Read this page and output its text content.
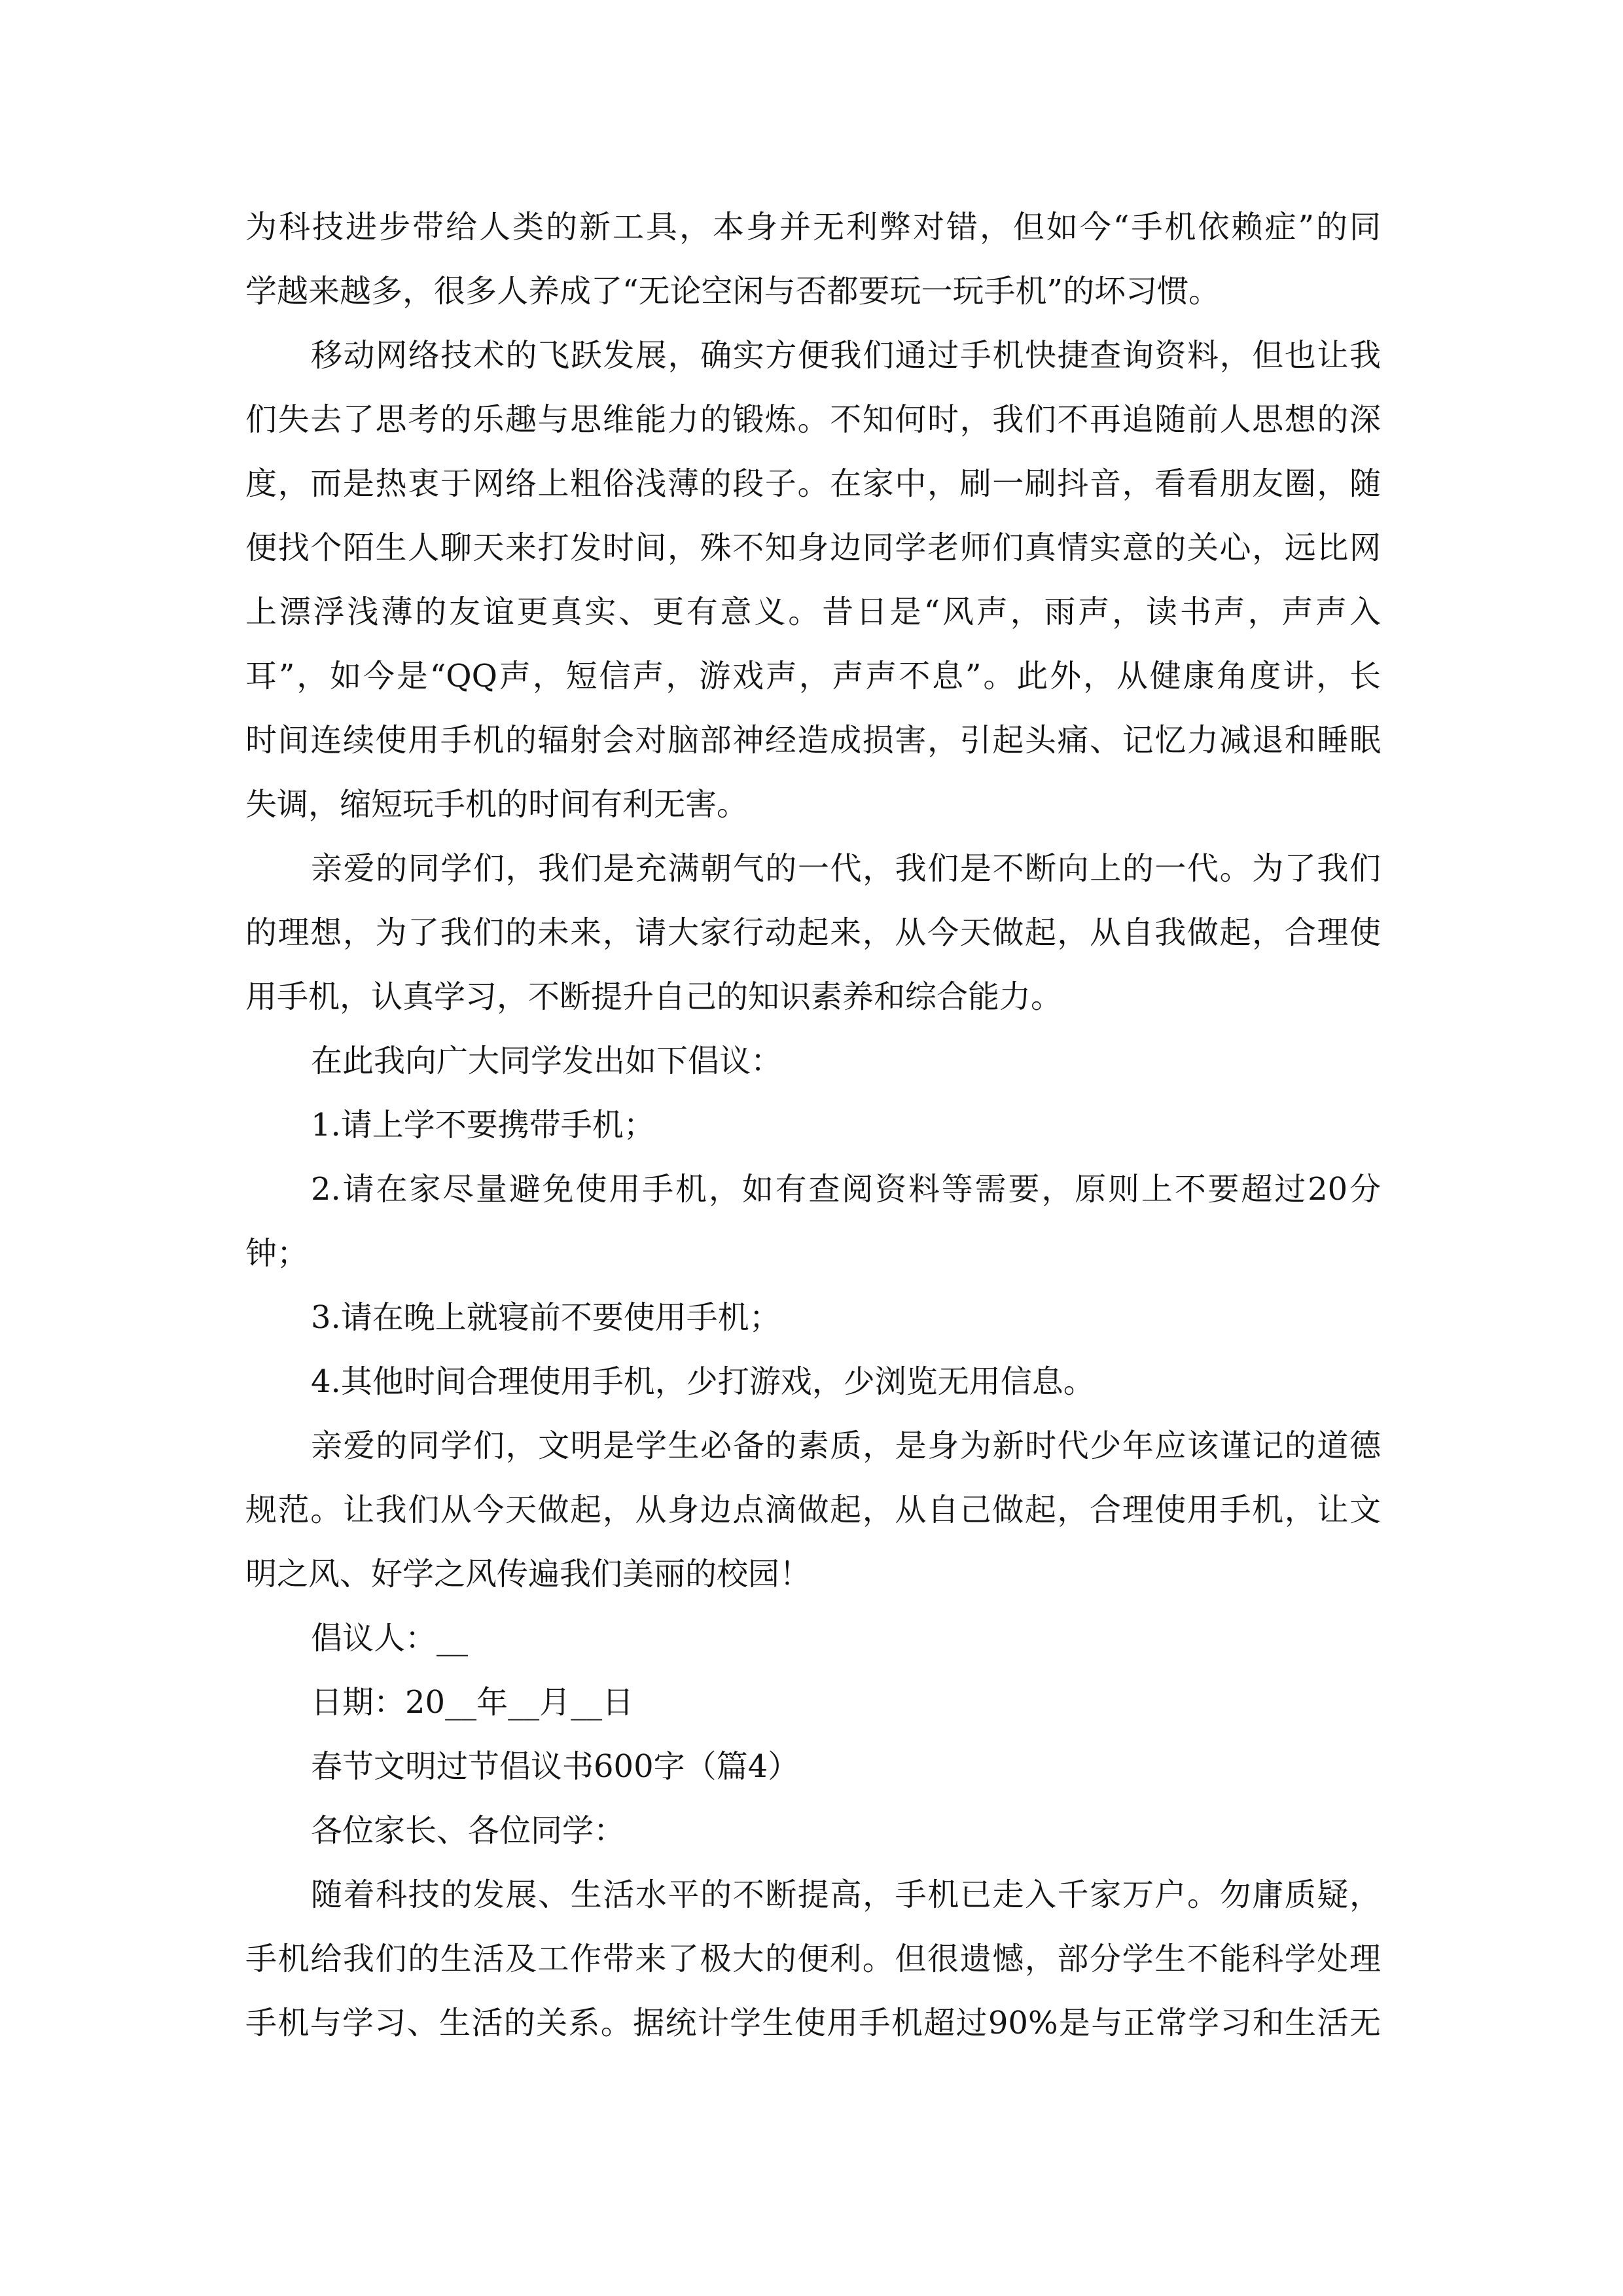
为科技进步带给人类的新工具，本身并无利弊对错，但如今“手机依赖症”的同
学越来越多，很多人养成了“无论空闲与否都要玩一玩手机”的坏习惯。
移动网络技术的飞跃发展，确实方便我们通过手机快捷查询资料，但也让我
们失去了思考的乐趣与思维能力的锻炼。不知何时，我们不再追随前人思想的深
度，而是热衷于网络上粗俗浅薄的段子。在家中，刷一刷抖音，看看朋友圈，随
便找个陌生人聊天来打发时间，殊不知身边同学老师们真情实意的关心，远比网
上漂浮浅薄的友谊更真实、更有意义。昔日是“风声，雨声，读书声，声声入
耳”，如今是“QQ声，短信声，游戏声，声声不息”。此外，从健康角度讲，长
时间连续使用手机的辐射会对脑部神经造成损害，引起头痛、记忆力减退和睡眠
失调，缩短玩手机的时间有利无害。
亲爱的同学们，我们是充满朝气的一代，我们是不断向上的一代。为了我们
的理想，为了我们的未来，请大家行动起来，从今天做起，从自我做起，合理使
用手机，认真学习，不断提升自己的知识素养和综合能力。
在此我向广大同学发出如下倡议：
1.请上学不要携带手机；
2.请在家尽量避免使用手机，如有查阅资料等需要，原则上不要超过20分
钟；
3.请在晚上就寝前不要使用手机；
4.其他时间合理使用手机，少打游戏，少浏览无用信息。
亲爱的同学们，文明是学生必备的素质，是身为新时代少年应该谨记的道德
规范。让我们从今天做起，从身边点滴做起，从自己做起，合理使用手机，让文
明之风、好学之风传遍我们美丽的校园！
倡议人：__
日期：20__年__月__日
春节文明过节倡议书600字（篇4）
各位家长、各位同学：
随着科技的发展、生活水平的不断提高，手机已走入千家万户。勿庸质疑，
手机给我们的生活及工作带来了极大的便利。但很遗憾，部分学生不能科学处理
手机与学习、生活的关系。据统计学生使用手机超过90%是与正常学习和生活无
